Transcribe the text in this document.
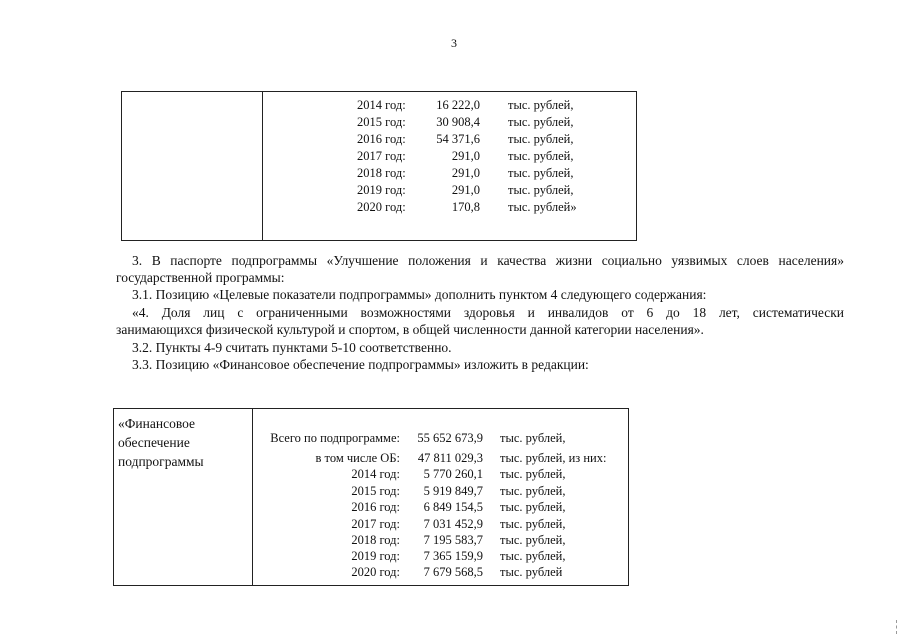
3
2014 год:	16 222,0 тыс. рублей,
2015 год:	30 908,4 тыс. рублей,
2016 год:	54 371,6 тыс. рублей,
2017 год:	291,0 тыс. рублей,
2018 год:	291,0 тыс. рублей,
2019 год:	291,0 тыс. рублей,
2020 год:	170,8 тыс. рублей»
3. В паспорте подпрограммы «Улучшение положения и качества жизни социально уязвимых слоев населения»
государственной программы:
3.1. Позицию «Целевые показатели подпрограммы» дополнить пунктом 4 следующего содержания:
«4. Доля лиц с ограниченными возможностями здоровья и инвалидов от 6 до 18 лет, систематически
занимающихся физической культурой и спортом, в общей численности данной категории населения».
3.2. Пункты 4-9 считать пунктами 5-10 соответственно.
3.3. Позицию «Финансовое обеспечение подпрограммы» изложить в редакции:
«Финансовое
обеспечение
подпрограммы
Всего по подпрограмме:	55 652 673,9 тыс. рублей,
в том числе ОБ:	47 811 029,3 тыс. рублей, из них:
2014 год:	5 770 260,1 тыс. рублей,
2015 год:	5 919 849,7 тыс. рублей,
2016 год:	6 849 154,5 тыс. рублей,
2017 год:	7 031 452,9 тыс. рублей,
2018 год:	7 195 583,7 тыс. рублей,
2019 год:	7 365 159,9 тыс. рублей,
2020 год:	7 679 568,5 тыс. рублей
